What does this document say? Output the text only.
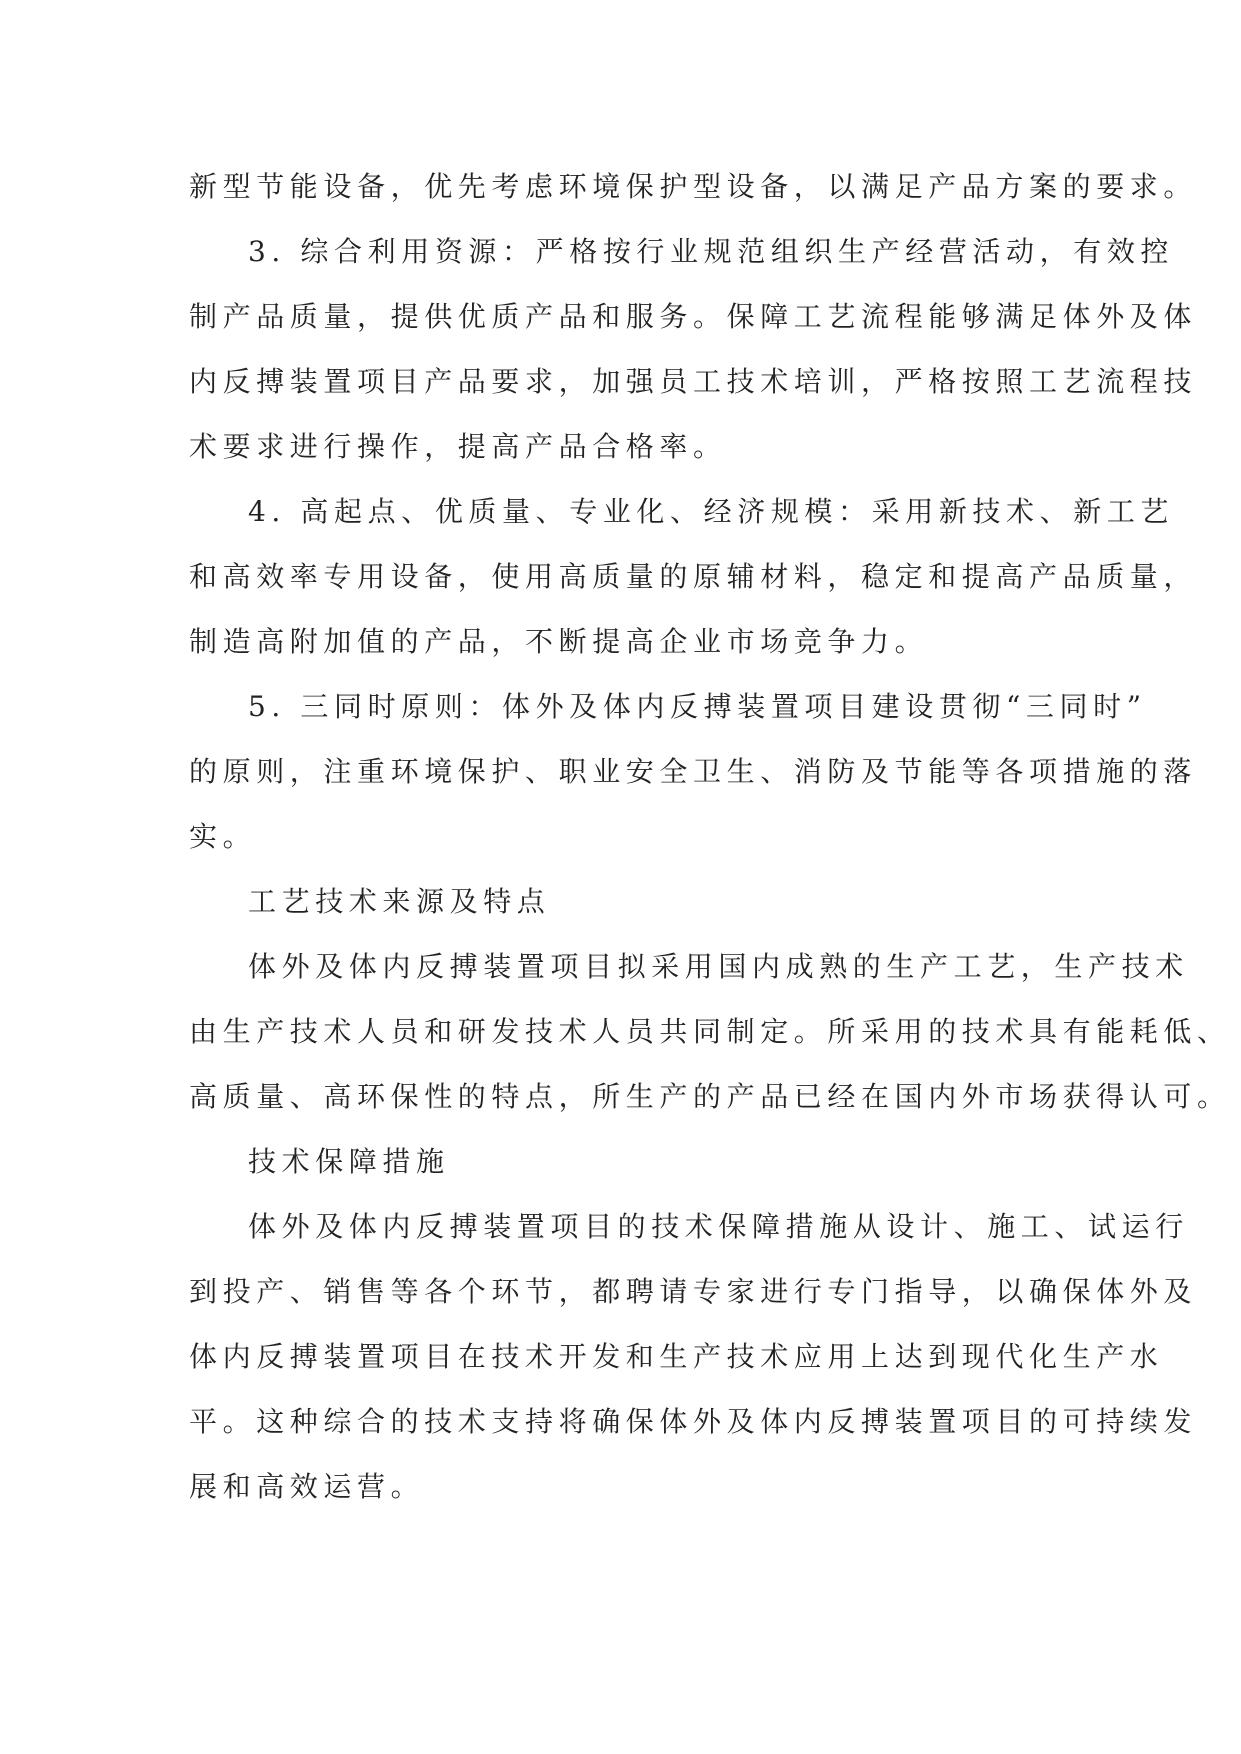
新型节能设备，优先考虑环境保护型设备，以满足产品方案的要求。
3. 综合利用资源：严格按行业规范组织生产经营活动，有效控
制产品质量，提供优质产品和服务。保障工艺流程能够满足体外及体
内反搏装置项目产品要求，加强员工技术培训，严格按照工艺流程技
术要求进行操作，提高产品合格率。
4. 高起点、优质量、专业化、经济规模：采用新技术、新工艺
和高效率专用设备，使用高质量的原辅材料，稳定和提高产品质量，
制造高附加值的产品，不断提高企业市场竞争力。
5. 三同时原则：体外及体内反搏装置项目建设贯彻“三同时”
的原则，注重环境保护、职业安全卫生、消防及节能等各项措施的落
实。
工艺技术来源及特点
体外及体内反搏装置项目拟采用国内成熟的生产工艺，生产技术
由生产技术人员和研发技术人员共同制定。所采用的技术具有能耗低、
高质量、高环保性的特点，所生产的产品已经在国内外市场获得认可。
技术保障措施
体外及体内反搏装置项目的技术保障措施从设计、施工、试运行
到投产、销售等各个环节，都聘请专家进行专门指导，以确保体外及
体内反搏装置项目在技术开发和生产技术应用上达到现代化生产水
平。这种综合的技术支持将确保体外及体内反搏装置项目的可持续发
展和高效运营。
